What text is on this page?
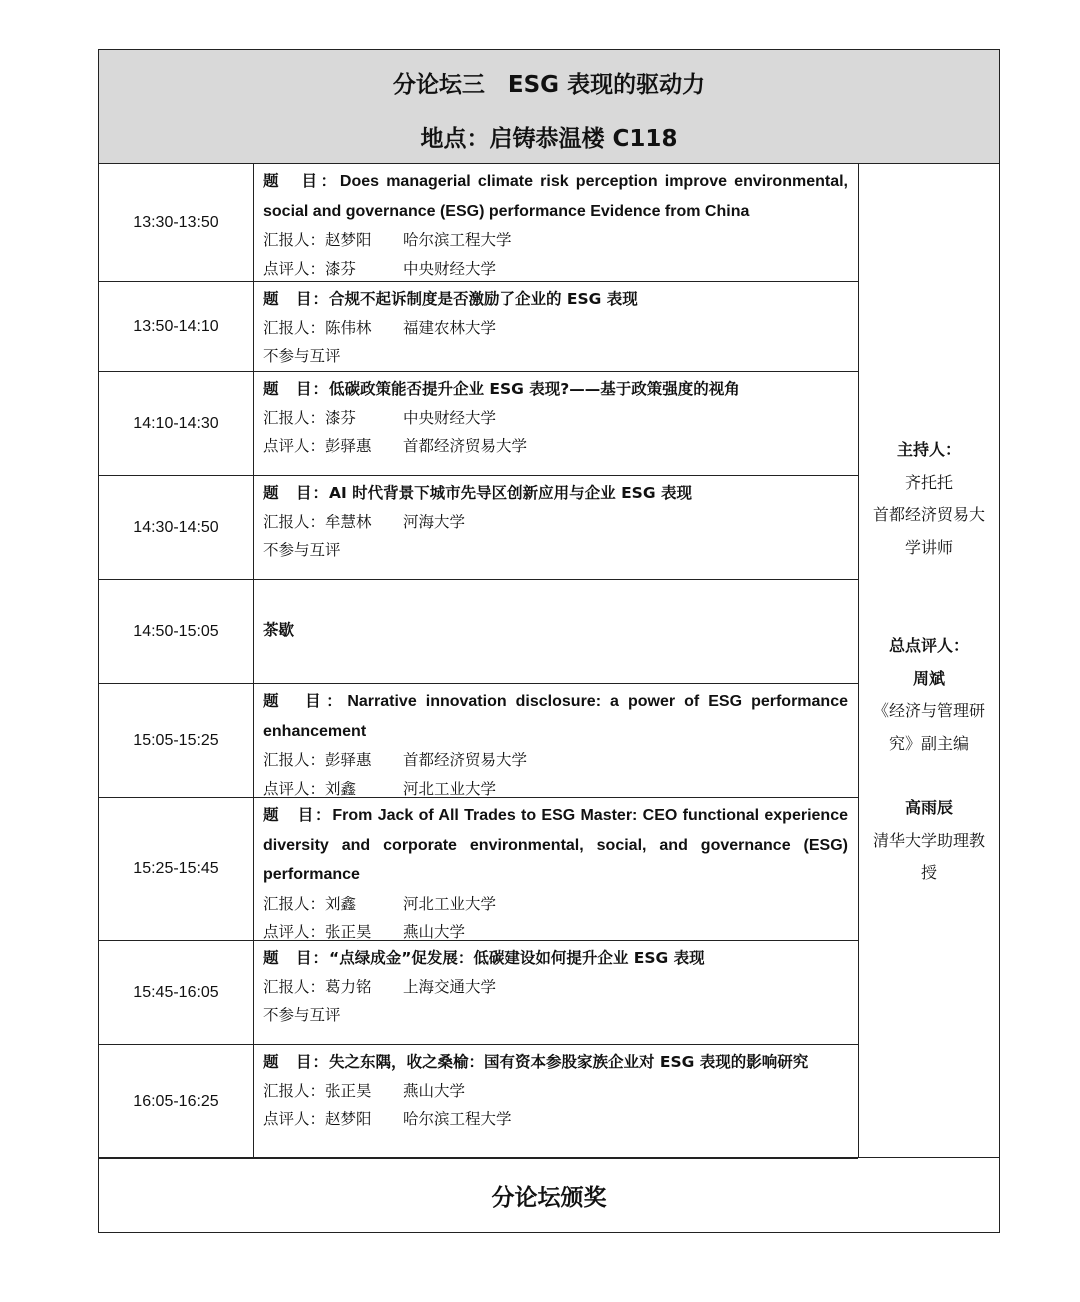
分论坛三　ESG 表现的驱动力
地点：启铸恭温楼 C118
13:30-13:50
题　目：Does managerial climate risk perception improve environmental, social and governance (ESG) performance Evidence from China
汇报人：赵梦阳 哈尔滨工程大学
点评人：漆芬	中央财经大学
13:50-14:10
题　目：合规不起诉制度是否激励了企业的 ESG 表现
汇报人：陈伟林 福建农林大学
不参与互评
14:10-14:30
题　目：低碳政策能否提升企业 ESG 表现?——基于政策强度的视角
汇报人：漆芬	中央财经大学
点评人：彭驿惠 首都经济贸易大学
14:30-14:50
题　目：AI 时代背景下城市先导区创新应用与企业 ESG 表现
汇报人：牟慧林 河海大学
不参与互评
14:50-15:05	茶歇
15:05-15:25
题　目：Narrative innovation disclosure: a power of ESG performance enhancement
汇报人：彭驿惠 首都经济贸易大学
点评人：刘鑫	河北工业大学
15:25-15:45
题　目：From Jack of All Trades to ESG Master: CEO functional experience diversity and corporate environmental, social, and governance (ESG) performance
汇报人：刘鑫	河北工业大学
点评人：张正昊 燕山大学
15:45-16:05
题　目：“点绿成金”促发展：低碳建设如何提升企业 ESG 表现
汇报人：葛力铭 上海交通大学
不参与互评
16:05-16:25
题　目：失之东隅，收之桑榆：国有资本参股家族企业对 ESG 表现的影响研究
汇报人：张正昊 燕山大学
点评人：赵梦阳 哈尔滨工程大学
主持人：
齐托托
首都经济贸易大学讲师
总点评人：
周斌
《经济与管理研究》副主编
高雨辰
清华大学助理教授
分论坛颁奖
